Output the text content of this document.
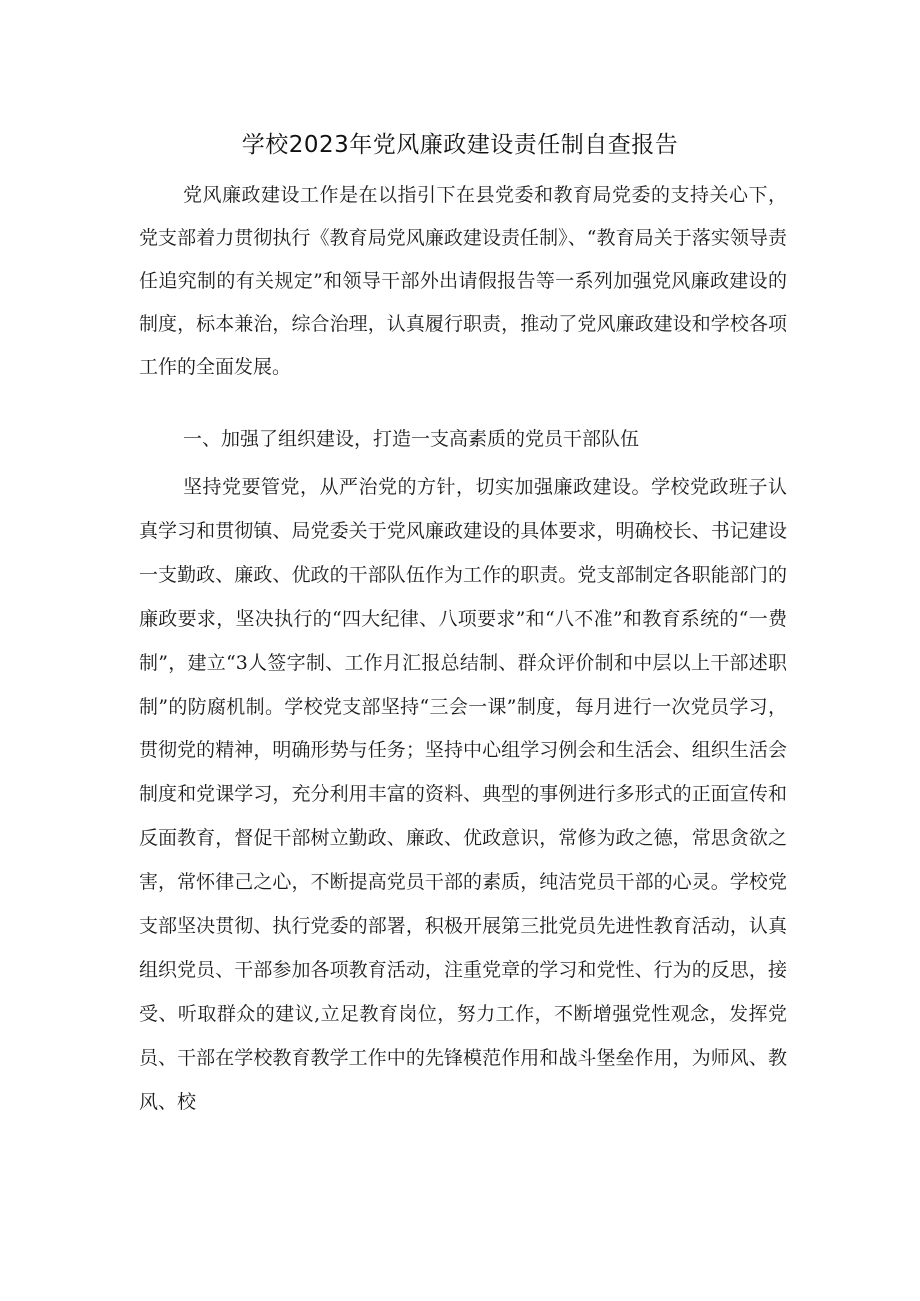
学校2023年党风廉政建设责任制自查报告

党风廉政建设工作是在以指引下在县党委和教育局党委的支持关心下，党支部着力贯彻执行《教育局党风廉政建设责任制》、“教育局关于落实领导责任追究制的有关规定”和领导干部外出请假报告等一系列加强党风廉政建设的制度，标本兼治，综合治理，认真履行职责，推动了党风廉政建设和学校各项工作的全面发展。

一、加强了组织建设，打造一支高素质的党员干部队伍

坚持党要管党，从严治党的方针，切实加强廉政建设。学校党政班子认真学习和贯彻镇、局党委关于党风廉政建设的具体要求，明确校长、书记建设一支勤政、廉政、优政的干部队伍作为工作的职责。党支部制定各职能部门的廉政要求，坚决执行的“四大纪律、八项要求”和“八不准”和教育系统的“一费制”，建立“3人签字制、工作月汇报总结制、群众评价制和中层以上干部述职制”的防腐机制。学校党支部坚持“三会一课”制度，每月进行一次党员学习，贯彻党的精神，明确形势与任务；坚持中心组学习例会和生活会、组织生活会制度和党课学习，充分利用丰富的资料、典型的事例进行多形式的正面宣传和反面教育，督促干部树立勤政、廉政、优政意识，常修为政之德，常思贪欲之害，常怀律己之心，不断提高党员干部的素质，纯洁党员干部的心灵。学校党支部坚决贯彻、执行党委的部署，积极开展第三批党员先进性教育活动，认真组织党员、干部参加各项教育活动，注重党章的学习和党性、行为的反思，接受、听取群众的建议,立足教育岗位，努力工作，不断增强党性观念，发挥党员、干部在学校教育教学工作中的先锋模范作用和战斗堡垒作用，为师风、教风、校
